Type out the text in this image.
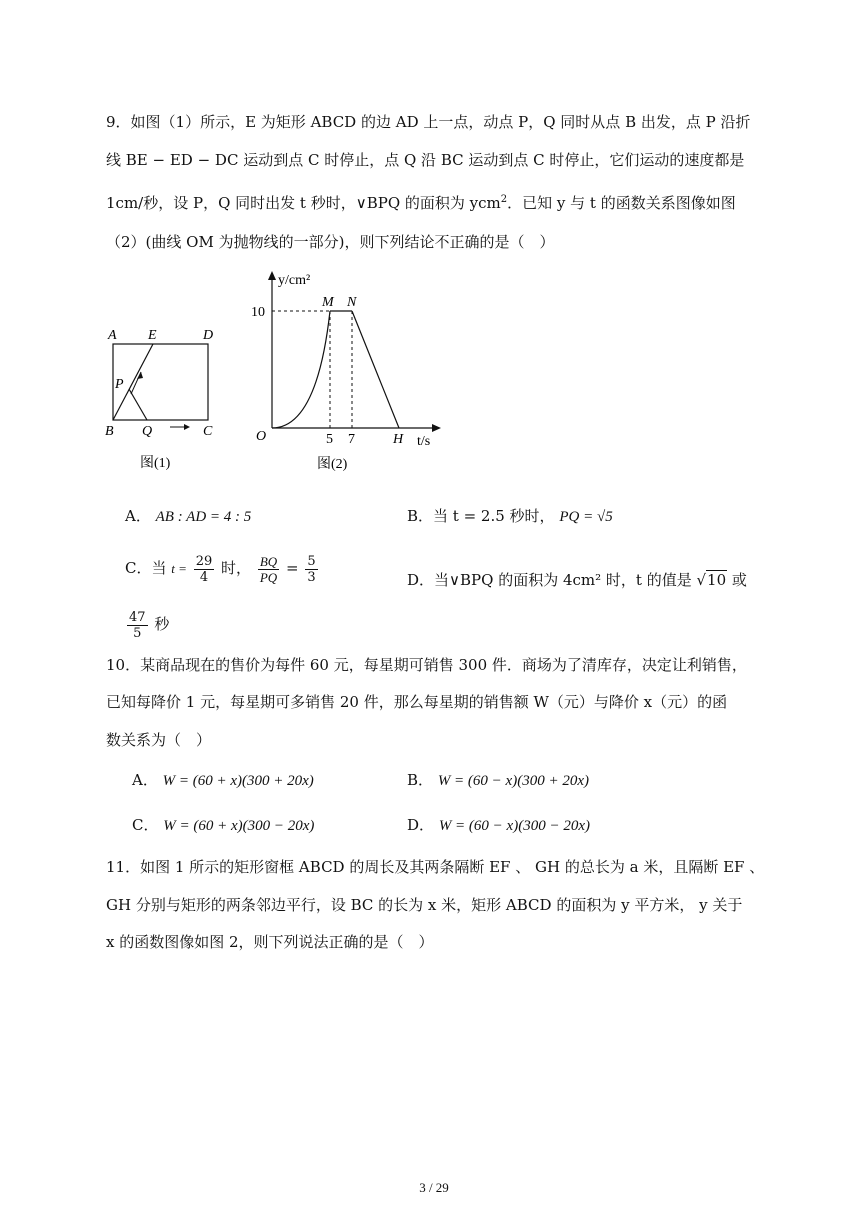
9．如图（1）所示，E 为矩形 ABCD 的边 AD 上一点，动点 P，Q 同时从点 B 出发，点 P 沿折
线 BE − ED − DC 运动到点 C 时停止，点 Q 沿 BC 运动到点 C 时停止，它们运动的速度都是
1cm/秒，设 P，Q 同时出发 t 秒时，∨BPQ 的面积为 ycm$^2$．已知 y 与 t 的函数关系图像如图
（2）(曲线 OM 为抛物线的一部分)，则下列结论不正确的是（　）
A E	D
P
B Q	C
图(1)
y/cm²
10
M N
O	5 7	H t/s
图(2)
A． AB : AD = 4 : 5	B．当 t = 2.5 秒时， PQ = √5
C．当 $t = \frac{29}{4}$ 时， $\frac{BQ}{PQ} = \frac{5}{3}$	D．当∨BPQ 的面积为 4cm² 时，t 的值是 √10 或
$\frac{47}{5}$ 秒
10．某商品现在的售价为每件 60 元，每星期可销售 300 件．商场为了清库存，决定让利销售，
已知每降价 1 元，每星期可多销售 20 件，那么每星期的销售额 W（元）与降价 x（元）的函
数关系为（　）
A． W = (60 + x)(300 + 20x)	B． W = (60 − x)(300 + 20x)
C． W = (60 + x)(300 − 20x)	D． W = (60 − x)(300 − 20x)
11．如图 1 所示的矩形窗框 ABCD 的周长及其两条隔断 EF 、 GH 的总长为 a 米，且隔断 EF 、
GH 分别与矩形的两条邻边平行，设 BC 的长为 x 米，矩形 ABCD 的面积为 y 平方米， y 关于
x 的函数图像如图 2，则下列说法正确的是（　）
3 / 29
